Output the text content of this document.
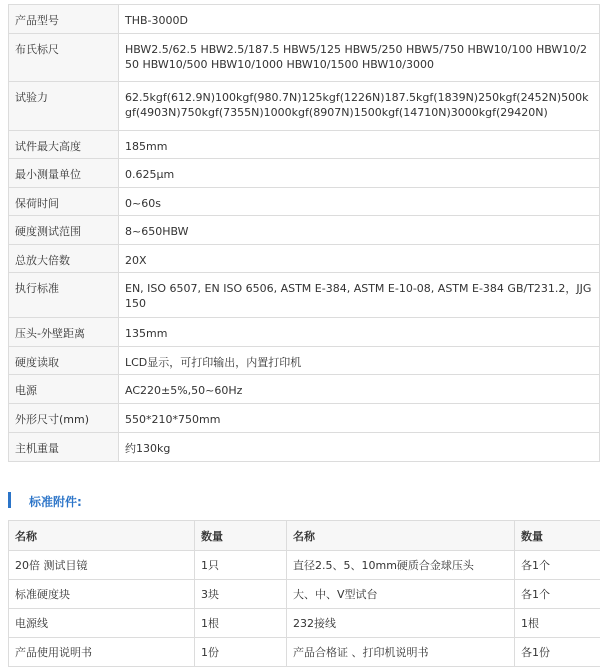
产品型号	THB-3000D
布氏标尺	HBW2.5/62.5 HBW2.5/187.5 HBW5/125 HBW5/250 HBW5/750 HBW10/100 HBW10/250 HBW10/500 HBW10/1000 HBW10/1500 HBW10/3000
试验力	62.5kgf(612.9N)100kgf(980.7N)125kgf(1226N)187.5kgf(1839N)250kgf(2452N)500kgf(4903N)750kgf(7355N)1000kgf(8907N)1500kgf(14710N)3000kgf(29420N)
试件最大高度	185mm
最小测量单位	0.625μm
保荷时间	0~60s
硬度测试范围	8~650HBW
总放大倍数	20X
执行标准	EN, ISO 6507, EN ISO 6506, ASTM E-384, ASTM E-10-08, ASTM E-384 GB/T231.2，JJG150
压头-外壁距离	135mm
硬度读取	LCD显示，可打印输出，内置打印机
电源	AC220±5%,50~60Hz
外形尺寸(mm)	550*210*750mm
主机重量	约130kg
标准附件:
名称	数量	名称	数量
20倍 测试目镜	1只	直径2.5、5、10mm硬质合金球压头	各1个
标准硬度块	3块	大、中、V型试台	各1个
电源线	1根	232接线	1根
产品使用说明书	1份	产品合格证 、打印机说明书	各1份
